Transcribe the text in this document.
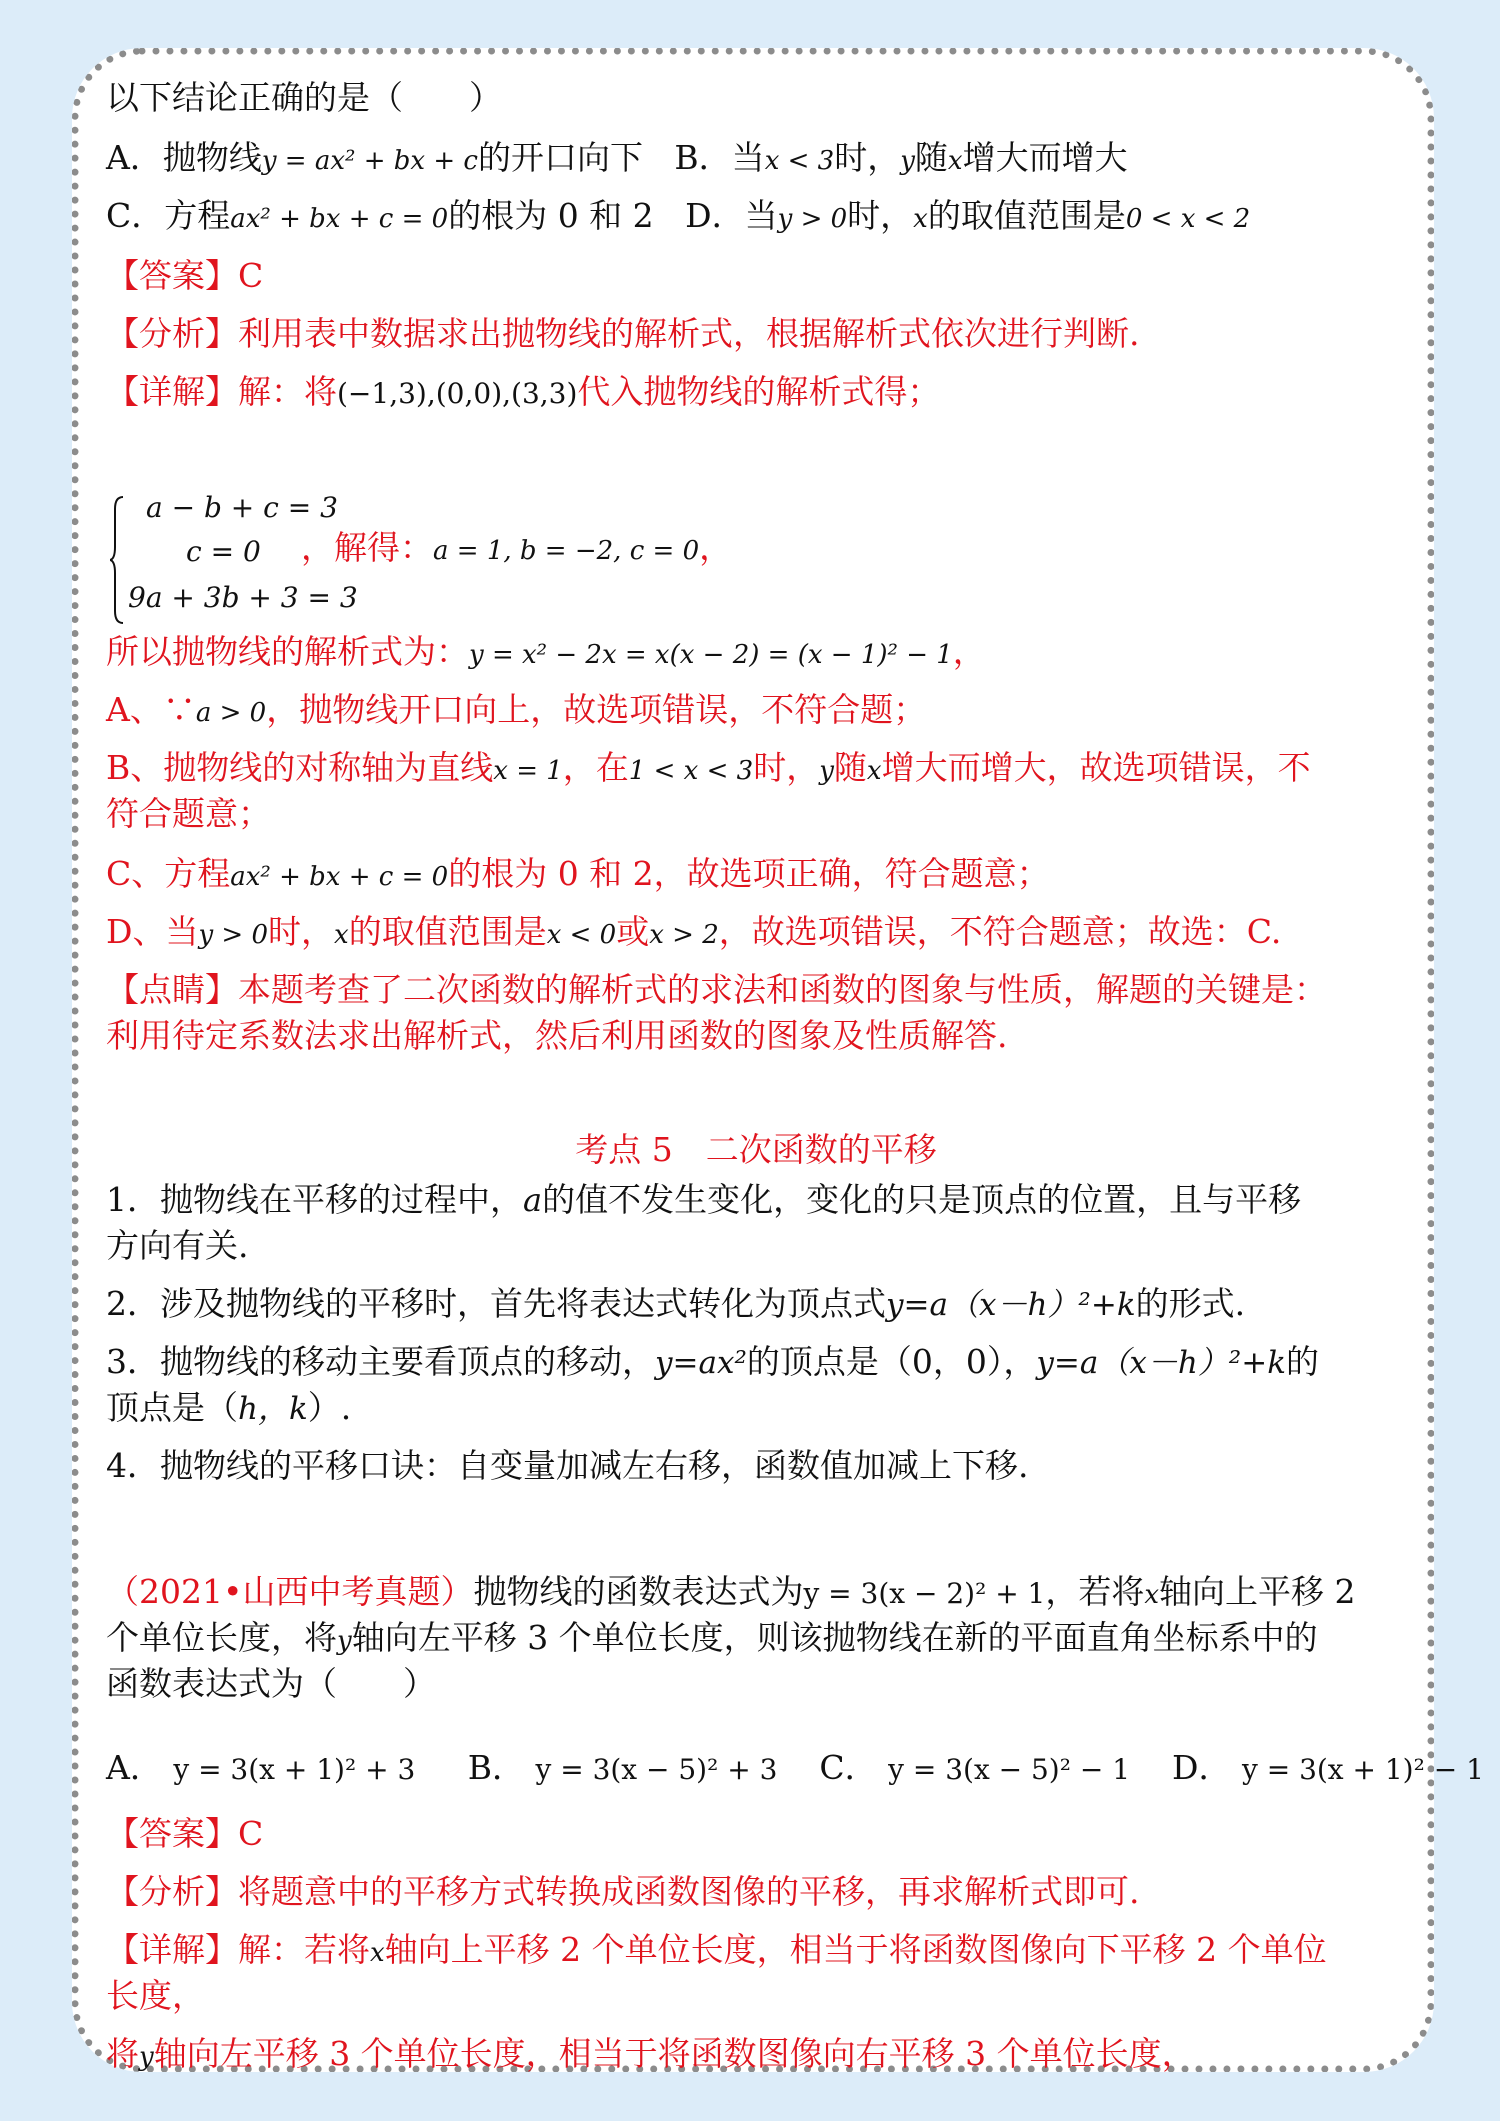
以下结论正确的是（　　）
A．抛物线y = ax² + bx + c的开口向下 B．当x < 3时，y随x增大而增大
C．方程ax² + bx + c = 0的根为 0 和 2 D．当y > 0时，x的取值范围是0 < x < 2
【答案】C
【分析】利用表中数据求出抛物线的解析式，根据解析式依次进行判断.
【详解】解：将(−1,3),(0,0),(3,3)代入抛物线的解析式得；
a − b + c = 3
c = 0
9a + 3b + 3 = 3
，解得：a = 1, b = −2, c = 0，
所以抛物线的解析式为：y = x² − 2x = x(x − 2) = (x − 1)² − 1，
A、∵a > 0，抛物线开口向上，故选项错误，不符合题；
B、抛物线的对称轴为直线x = 1，在1 < x < 3时，y随x增大而增大，故选项错误，不
符合题意；
C、方程ax² + bx + c = 0的根为 0 和 2，故选项正确，符合题意；
D、当y > 0时，x的取值范围是x < 0或x > 2，故选项错误，不符合题意；故选：C.
【点睛】本题考查了二次函数的解析式的求法和函数的图象与性质，解题的关键是：
利用待定系数法求出解析式，然后利用函数的图象及性质解答.
考点 5　二次函数的平移
1．抛物线在平移的过程中，a的值不发生变化，变化的只是顶点的位置，且与平移
方向有关.
2．涉及抛物线的平移时，首先将表达式转化为顶点式y=a（x－h）²+k的形式.
3．抛物线的移动主要看顶点的移动，y=ax²的顶点是（0，0），y=a（x－h）²+k的
顶点是（h，k）.
4．抛物线的平移口诀：自变量加减左右移，函数值加减上下移.
（2021•山西中考真题）抛物线的函数表达式为y = 3(x − 2)² + 1，若将x轴向上平移 2
个单位长度，将y轴向左平移 3 个单位长度，则该抛物线在新的平面直角坐标系中的
函数表达式为（　　）
A． y = 3(x + 1)² + 3 B． y = 3(x − 5)² + 3 C． y = 3(x − 5)² − 1 D． y = 3(x + 1)² − 1
【答案】C
【分析】将题意中的平移方式转换成函数图像的平移，再求解析式即可.
【详解】解：若将x轴向上平移 2 个单位长度，相当于将函数图像向下平移 2 个单位
长度，
将y轴向左平移 3 个单位长度，相当于将函数图像向右平移 3 个单位长度，
